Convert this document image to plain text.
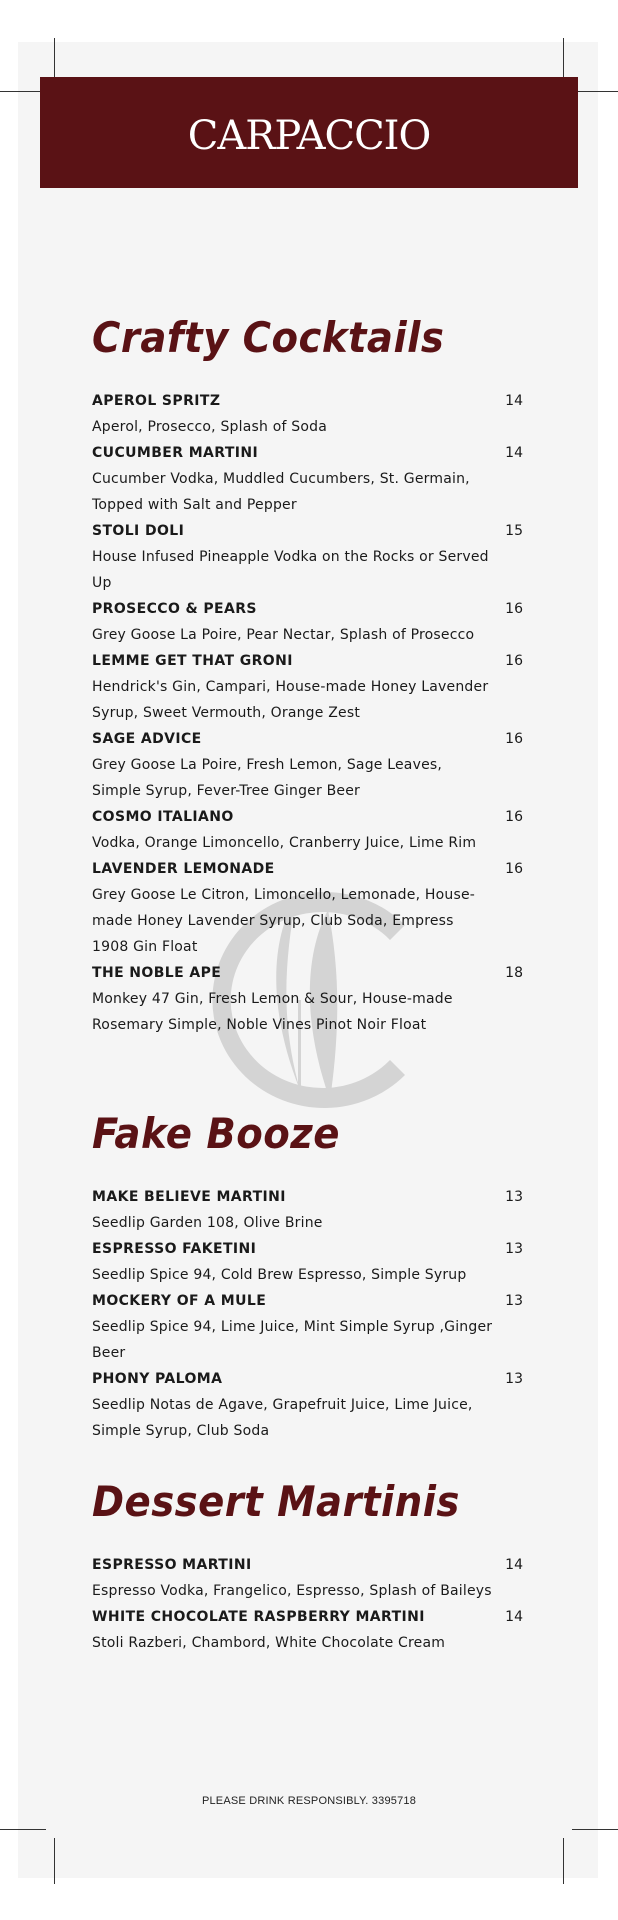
CARPACCIO
Crafty Cocktails
APEROL SPRITZ	14

Aperol, Prosecco, Splash of Soda

CUCUMBER MARTINI	14

Cucumber Vodka, Muddled Cucumbers, St. Germain, Topped with Salt and Pepper

STOLI DOLI	15

House Infused Pineapple Vodka on the Rocks or Served Up

PROSECCO & PEARS	16

Grey Goose La Poire, Pear Nectar, Splash of Prosecco

LEMME GET THAT GRONI	16

Hendrick's Gin, Campari, House-made Honey Lavender Syrup, Sweet Vermouth, Orange Zest

SAGE ADVICE	16

Grey Goose La Poire, Fresh Lemon, Sage Leaves, Simple Syrup, Fever-Tree Ginger Beer

COSMO ITALIANO	16

Vodka, Orange Limoncello, Cranberry Juice, Lime Rim

LAVENDER LEMONADE	16

Grey Goose Le Citron, Limoncello, Lemonade, House-made Honey Lavender Syrup, Club Soda, Empress 1908 Gin Float

THE NOBLE APE	18

Monkey 47 Gin, Fresh Lemon & Sour, House-made Rosemary Simple, Noble Vines Pinot Noir Float

Fake Booze
MAKE BELIEVE MARTINI	13

Seedlip Garden 108, Olive Brine

ESPRESSO FAKETINI	13

Seedlip Spice 94, Cold Brew Espresso, Simple Syrup

MOCKERY OF A MULE	13

Seedlip Spice 94, Lime Juice, Mint Simple Syrup ,Ginger Beer

PHONY PALOMA	13

Seedlip Notas de Agave, Grapefruit Juice, Lime Juice, Simple Syrup, Club Soda

Dessert Martinis
ESPRESSO MARTINI	14

Espresso Vodka, Frangelico, Espresso, Splash of Baileys

WHITE CHOCOLATE RASPBERRY MARTINI	14

Stoli Razberi, Chambord, White Chocolate Cream

PLEASE DRINK RESPONSIBLY. 3395718
